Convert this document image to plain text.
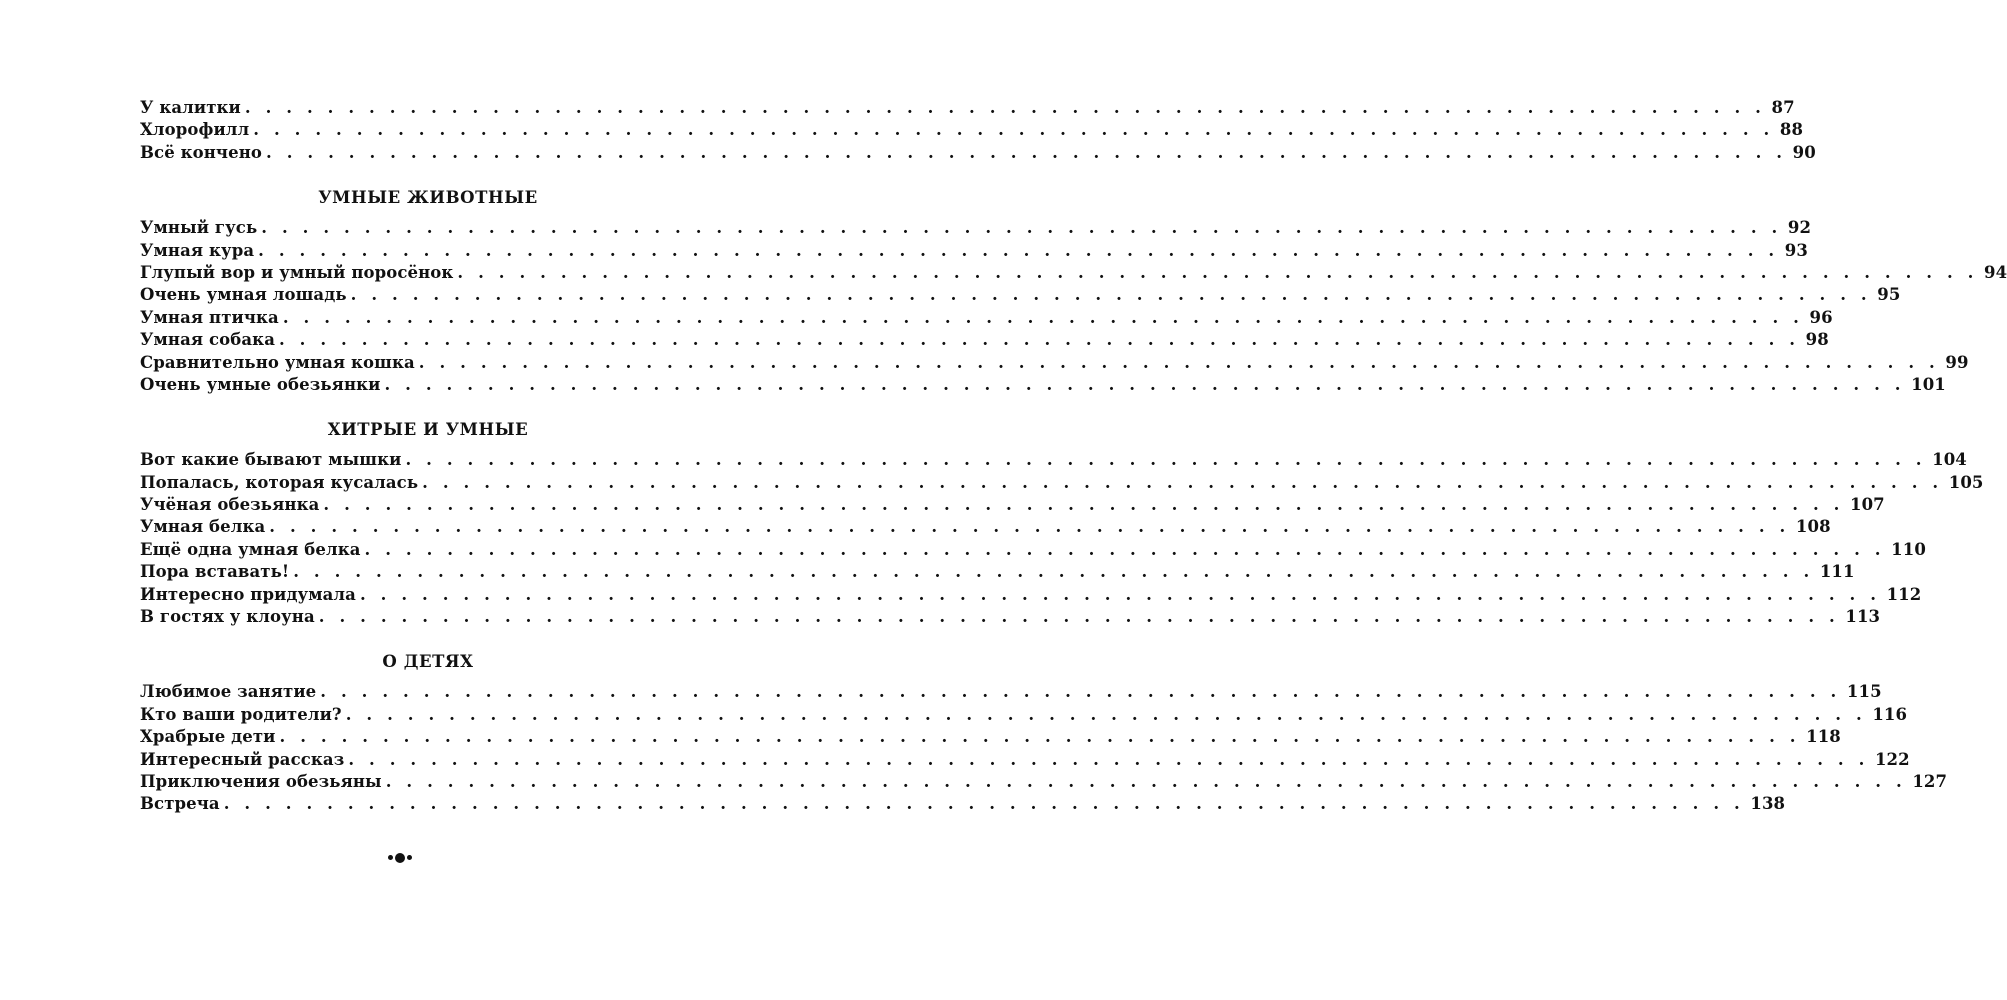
У калитки . . . . . . . . . . . . . . . . . . . . . . . . . . . . . . . . . . . . . . . . . . . . . . . . . . . . . . . . . . . . . . . . . . . . . . . . . . 87
Хлорофилл . . . . . . . . . . . . . . . . . . . . . . . . . . . . . . . . . . . . . . . . . . . . . . . . . . . . . . . . . . . . . . . . . . . . . . . . . . 88
Всё кончено . . . . . . . . . . . . . . . . . . . . . . . . . . . . . . . . . . . . . . . . . . . . . . . . . . . . . . . . . . . . . . . . . . . . . . . . . . 90
УМНЫЕ ЖИВОТНЫЕ
Умный гусь . . . . . . . . . . . . . . . . . . . . . . . . . . . . . . . . . . . . . . . . . . . . . . . . . . . . . . . . . . . . . . . . . . . . . . . . . . 92
Умная кура . . . . . . . . . . . . . . . . . . . . . . . . . . . . . . . . . . . . . . . . . . . . . . . . . . . . . . . . . . . . . . . . . . . . . . . . . . 93
Глупый вор и умный поросёнок . . . . . . . . . . . . . . . . . . . . . . . . . . . . . . . . . . . . . . . . . . . . . . . . . . . . . . . . . . . . . . . . . . . . . . . . . . 94
Очень умная лошадь . . . . . . . . . . . . . . . . . . . . . . . . . . . . . . . . . . . . . . . . . . . . . . . . . . . . . . . . . . . . . . . . . . . . . . . . . . 95
Умная птичка . . . . . . . . . . . . . . . . . . . . . . . . . . . . . . . . . . . . . . . . . . . . . . . . . . . . . . . . . . . . . . . . . . . . . . . . . . 96
Умная собака . . . . . . . . . . . . . . . . . . . . . . . . . . . . . . . . . . . . . . . . . . . . . . . . . . . . . . . . . . . . . . . . . . . . . . . . . . 98
Сравнительно умная кошка . . . . . . . . . . . . . . . . . . . . . . . . . . . . . . . . . . . . . . . . . . . . . . . . . . . . . . . . . . . . . . . . . . . . . . . . . . 99
Очень умные обезьянки . . . . . . . . . . . . . . . . . . . . . . . . . . . . . . . . . . . . . . . . . . . . . . . . . . . . . . . . . . . . . . . . . . . . . . . . . . 101
ХИТРЫЕ И УМНЫЕ
Вот какие бывают мышки . . . . . . . . . . . . . . . . . . . . . . . . . . . . . . . . . . . . . . . . . . . . . . . . . . . . . . . . . . . . . . . . . . . . . . . . . . 104
Попалась, которая кусалась . . . . . . . . . . . . . . . . . . . . . . . . . . . . . . . . . . . . . . . . . . . . . . . . . . . . . . . . . . . . . . . . . . . . . . . . . . 105
Учёная обезьянка . . . . . . . . . . . . . . . . . . . . . . . . . . . . . . . . . . . . . . . . . . . . . . . . . . . . . . . . . . . . . . . . . . . . . . . . . . 107
Умная белка . . . . . . . . . . . . . . . . . . . . . . . . . . . . . . . . . . . . . . . . . . . . . . . . . . . . . . . . . . . . . . . . . . . . . . . . . . 108
Ещё одна умная белка . . . . . . . . . . . . . . . . . . . . . . . . . . . . . . . . . . . . . . . . . . . . . . . . . . . . . . . . . . . . . . . . . . . . . . . . . . 110
Пора вставать! . . . . . . . . . . . . . . . . . . . . . . . . . . . . . . . . . . . . . . . . . . . . . . . . . . . . . . . . . . . . . . . . . . . . . . . . . . 111
Интересно придумала . . . . . . . . . . . . . . . . . . . . . . . . . . . . . . . . . . . . . . . . . . . . . . . . . . . . . . . . . . . . . . . . . . . . . . . . . . 112
В гостях у клоуна . . . . . . . . . . . . . . . . . . . . . . . . . . . . . . . . . . . . . . . . . . . . . . . . . . . . . . . . . . . . . . . . . . . . . . . . . . 113
О ДЕТЯХ
Любимое занятие . . . . . . . . . . . . . . . . . . . . . . . . . . . . . . . . . . . . . . . . . . . . . . . . . . . . . . . . . . . . . . . . . . . . . . . . . . 115
Кто ваши родители? . . . . . . . . . . . . . . . . . . . . . . . . . . . . . . . . . . . . . . . . . . . . . . . . . . . . . . . . . . . . . . . . . . . . . . . . . . 116
Храбрые дети . . . . . . . . . . . . . . . . . . . . . . . . . . . . . . . . . . . . . . . . . . . . . . . . . . . . . . . . . . . . . . . . . . . . . . . . . . 118
Интересный рассказ . . . . . . . . . . . . . . . . . . . . . . . . . . . . . . . . . . . . . . . . . . . . . . . . . . . . . . . . . . . . . . . . . . . . . . . . . . 122
Приключения обезьяны . . . . . . . . . . . . . . . . . . . . . . . . . . . . . . . . . . . . . . . . . . . . . . . . . . . . . . . . . . . . . . . . . . . . . . . . . . 127
Встреча . . . . . . . . . . . . . . . . . . . . . . . . . . . . . . . . . . . . . . . . . . . . . . . . . . . . . . . . . . . . . . . . . . . . . . . . . . 138
